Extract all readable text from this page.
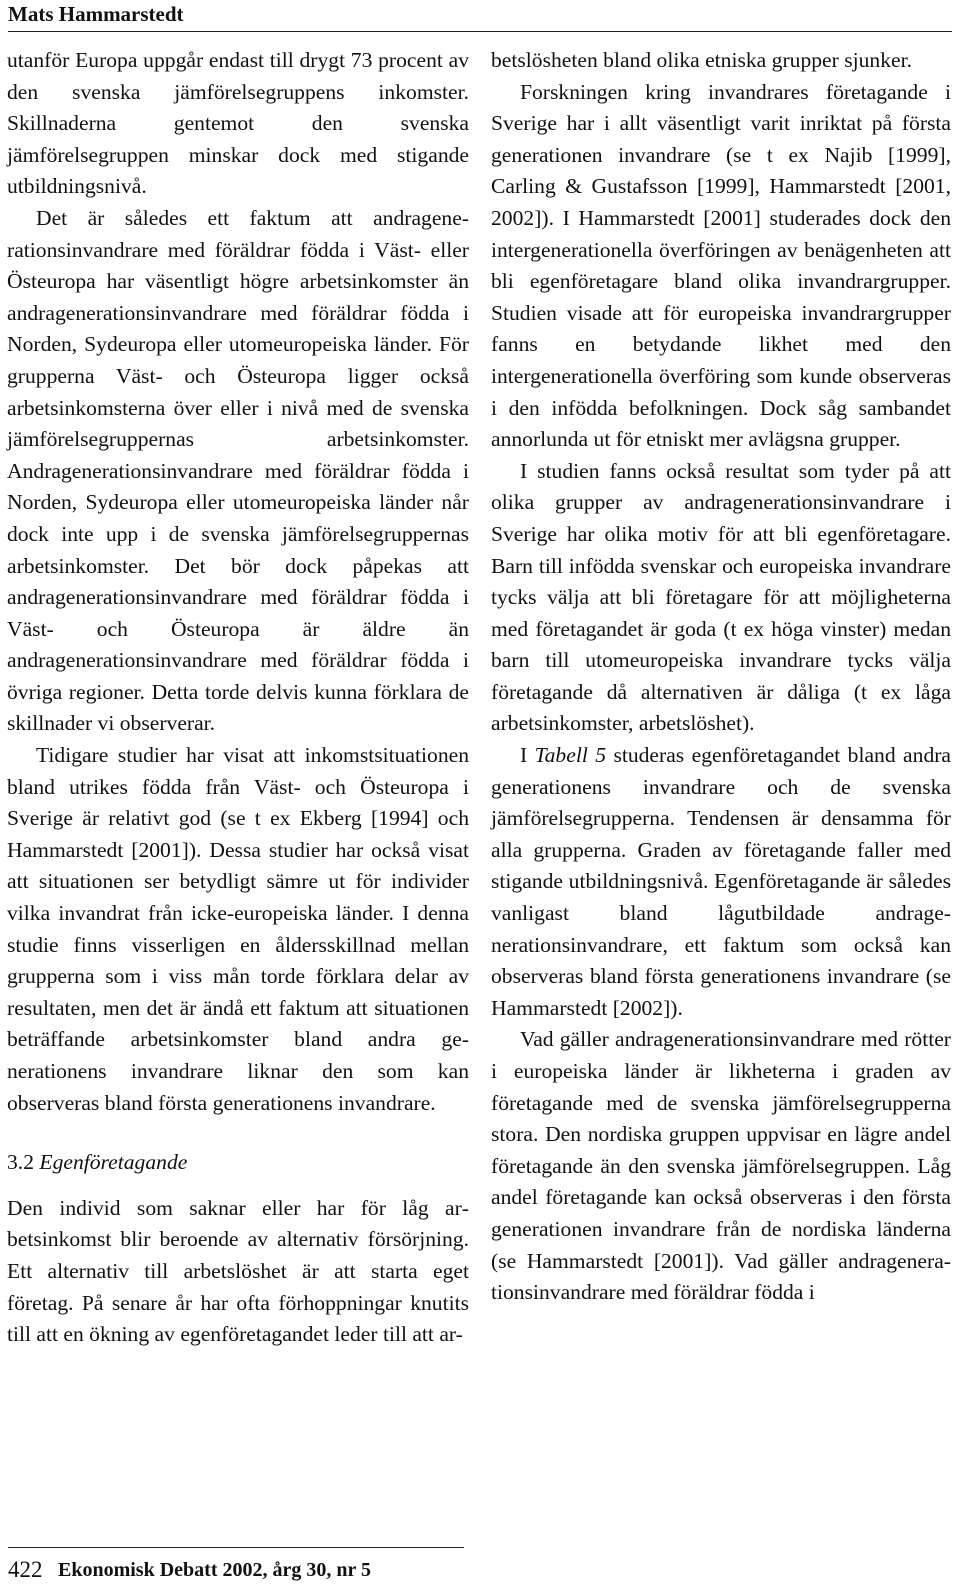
Mats Hammarstedt

utanför Europa uppgår endast till drygt 73 procent av den svenska jämförelsegruppens inkomster. Skillnaderna gentemot den svenska jämförelsegruppen minskar dock med stigande utbildningsnivå.

Det är således ett faktum att andragenerationsinvandrare med föräldrar födda i Väst- eller Östeuropa har väsentligt högre arbetsinkomster än andragenerationsinvandrare med föräldrar födda i Norden, Sydeuropa eller utomeuropeiska länder. För grupperna Väst- och Östeuropa ligger också arbetsinkomsterna över eller i nivå med de svenska jämförelsegruppernas arbetsinkomster. Andragenerationsinvandrare med föräldrar födda i Norden, Sydeuropa eller utomeuropeiska länder når dock inte upp i de svenska jämförelsegruppernas arbetsinkomster. Det bör dock påpekas att andragenerationsinvandrare med föräldrar födda i Väst- och Östeuropa är äldre än andragenerationsinvandrare med föräldrar födda i övriga regioner. Detta torde delvis kunna förklara de skillnader vi observerar.

Tidigare studier har visat att inkomstsituationen bland utrikes födda från Väst- och Östeuropa i Sverige är relativt god (se t ex Ekberg [1994] och Hammarstedt [2001]). Dessa studier har också visat att situationen ser betydligt sämre ut för individer vilka invandrat från icke-europeiska länder. I denna studie finns visserligen en åldersskillnad mellan grupperna som i viss mån torde förklara delar av resultaten, men det är ändå ett faktum att situationen beträffande arbetsinkomster bland andra generationens invandrare liknar den som kan observeras bland första generationens invandrare.

3.2 Egenföretagande

Den individ som saknar eller har för låg arbetsinkomst blir beroende av alternativ försörjning. Ett alternativ till arbetslöshet är att starta eget företag. På senare år har ofta förhoppningar knutits till att en ökning av egenföretagandet leder till att ar-

betslösheten bland olika etniska grupper sjunker.

Forskningen kring invandrares företagande i Sverige har i allt väsentligt varit inriktat på första generationen invandrare (se t ex Najib [1999], Carling & Gustafsson [1999], Hammarstedt [2001, 2002]). I Hammarstedt [2001] studerades dock den intergenerationella överföringen av benägenheten att bli egenföretagare bland olika invandrargrupper. Studien visade att för europeiska invandrargrupper fanns en betydande likhet med den intergenerationella överföring som kunde observeras i den infödda befolkningen. Dock såg sambandet annorlunda ut för etniskt mer avlägsna grupper.

I studien fanns också resultat som tyder på att olika grupper av andragenerationsinvandrare i Sverige har olika motiv för att bli egenföretagare. Barn till infödda svenskar och europeiska invandrare tycks välja att bli företagare för att möjligheterna med företagandet är goda (t ex höga vinster) medan barn till utomeuropeiska invandrare tycks välja företagande då alternativen är dåliga (t ex låga arbetsinkomster, arbetslöshet).

I Tabell 5 studeras egenföretagandet bland andra generationens invandrare och de svenska jämförelsegrupperna. Tendensen är densamma för alla grupperna. Graden av företagande faller med stigande utbildningsnivå. Egenföretagande är således vanligast bland lågutbildade andragenerationsinvandrare, ett faktum som också kan observeras bland första generationens invandrare (se Hammarstedt [2002]).

Vad gäller andragenerationsinvandrare med rötter i europeiska länder är likheterna i graden av företagande med de svenska jämförelsegrupperna stora. Den nordiska gruppen uppvisar en lägre andel företagande än den svenska jämförelsegruppen. Låg andel företagande kan också observeras i den första generationen invandrare från de nordiska länderna (se Hammarstedt [2001]). Vad gäller andragenerationsinvandrare med föräldrar födda i

422 Ekonomisk Debatt 2002, årg 30, nr 5
